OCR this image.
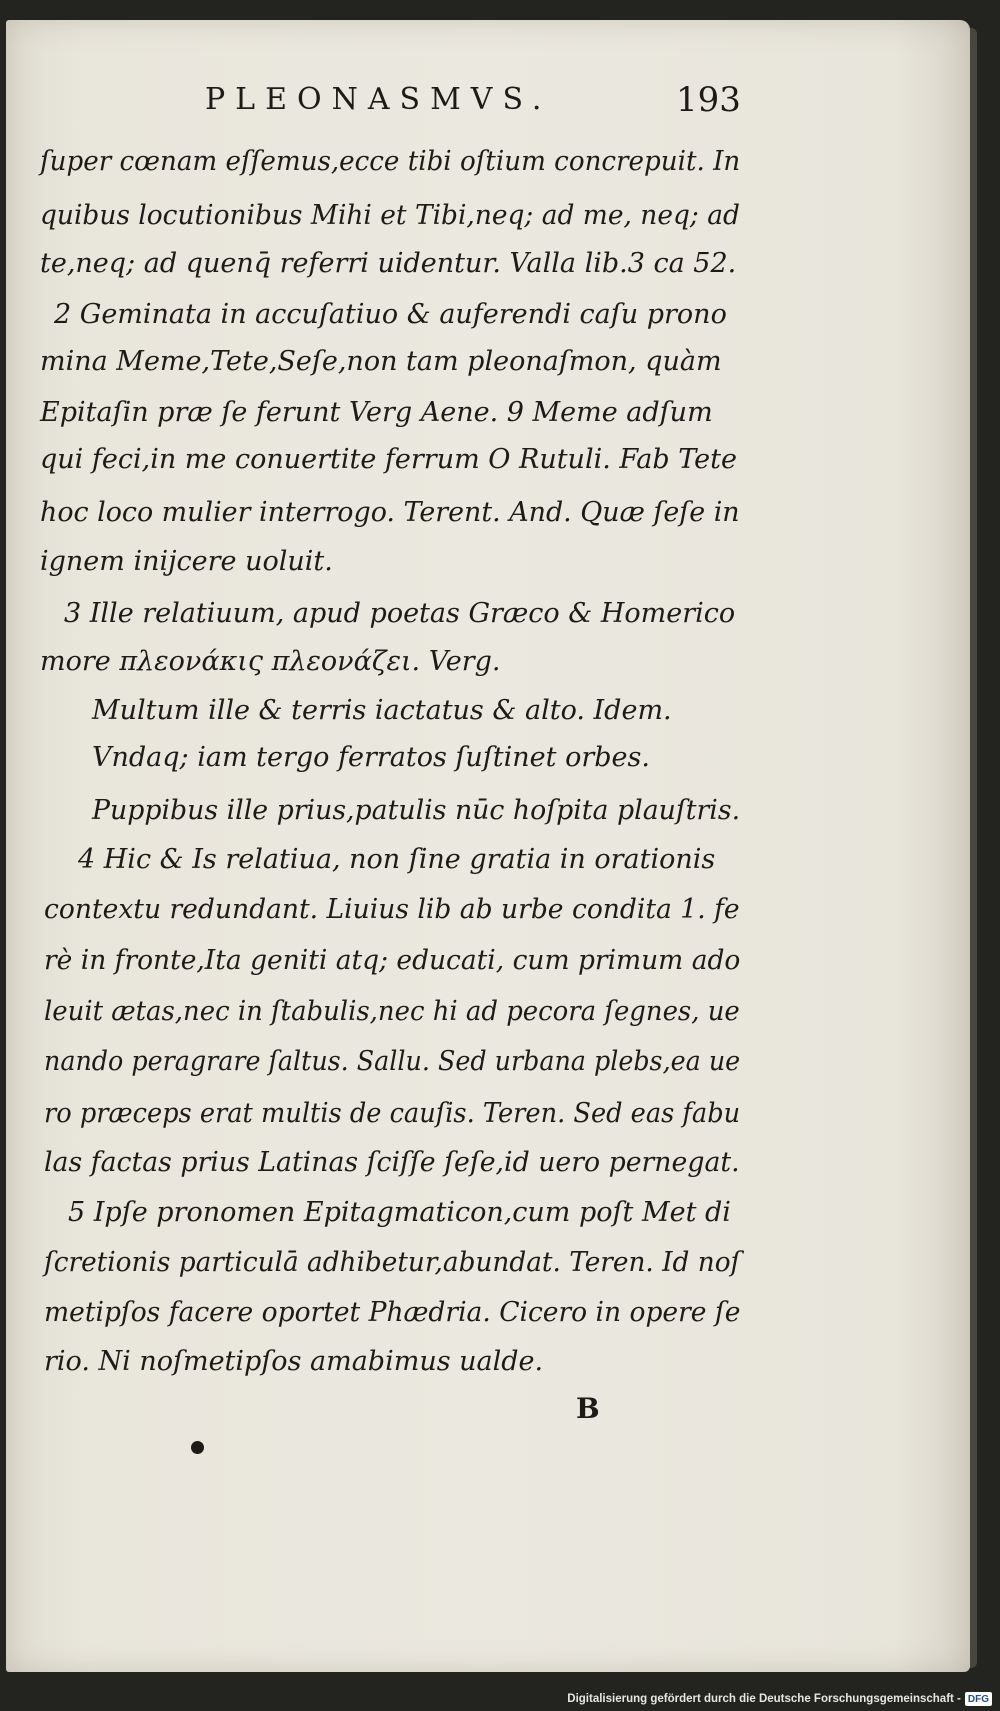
PLEONASMVS.	193
ſuper cœnam eſſemus,ecce tibi oſtium concrepuit. In
quibus locutionibus Mihi et Tibi,neq; ad me, neq; ad
te,neq; ad quenq̄ referri uidentur. Valla lib.3 ca 52.
2 Geminata in accuſatiuo & auferendi caſu prono
mina Meme,Tete,Seſe,non tam pleonaſmon, quàm
Epitaſin præ ſe ferunt Verg Aene. 9 Meme adſum
qui feci,in me conuertite ferrum O Rutuli. Fab Tete
hoc loco mulier interrogo. Terent. And. Quæ ſeſe in
ignem inijcere uoluit.
3 Ille relatiuum, apud poetas Græco & Homerico
more πλεονάκις πλεονάζει. Verg.
Multum ille & terris iactatus & alto. Idem.
Vndaq; iam tergo ferratos ſuſtinet orbes.
Puppibus ille prius,patulis nūc hoſpita plauſtris.
4 Hic & Is relatiua, non ſine gratia in orationis
contextu redundant. Liuius lib ab urbe condita 1. fe
rè in fronte,Ita geniti atq; educati, cum primum ado
leuit ætas,nec in ſtabulis,nec hi ad pecora ſegnes, ue
nando peragrare ſaltus. Sallu. Sed urbana plebs,ea ue
ro præceps erat multis de cauſis. Teren. Sed eas fabu
las factas prius Latinas ſciſſe ſeſe,id uero pernegat.
5 Ipſe pronomen Epitagmaticon,cum poſt Met di
ſcretionis particulā adhibetur,abundat. Teren. Id noſ
metipſos facere oportet Phædria. Cicero in opere ſe
rio. Ni noſmetipſos amabimus ualde.
B
Digitalisierung gefördert durch die Deutsche Forschungsgemeinschaft - DFG
